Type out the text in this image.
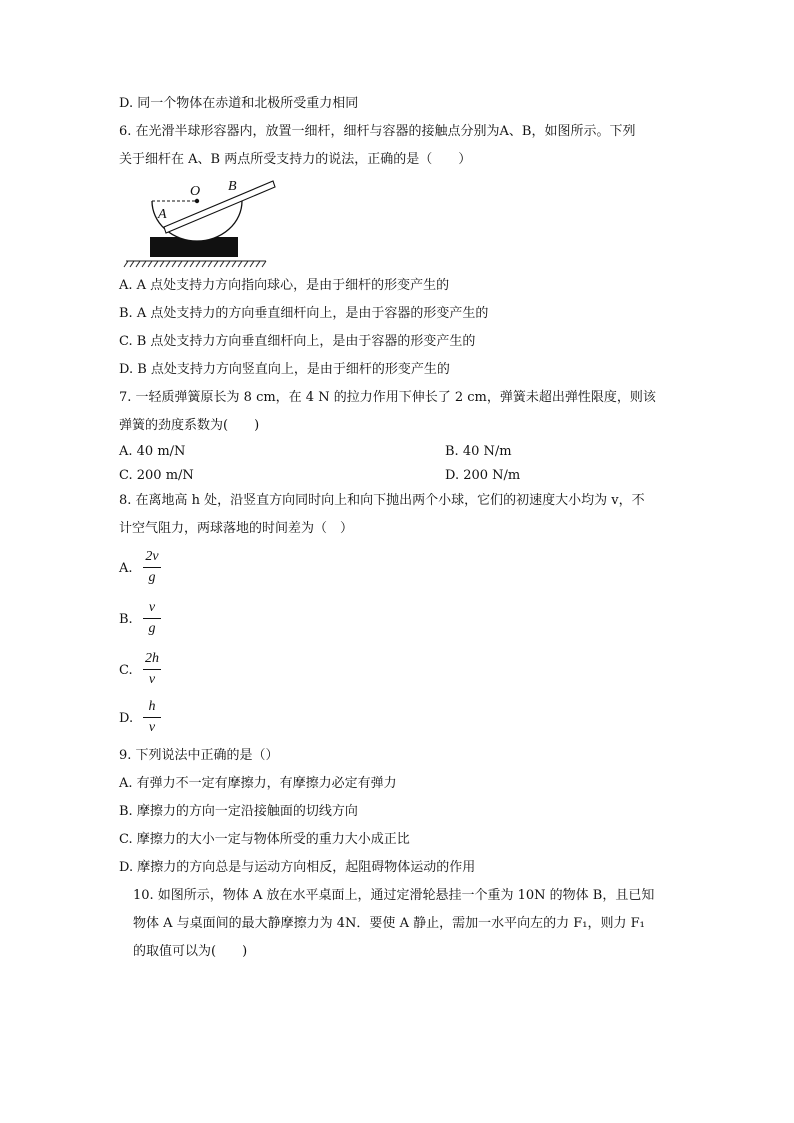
D. 同一个物体在赤道和北极所受重力相同
6. 在光滑半球形容器内，放置一细杆，细杆与容器的接触点分别为A、B，如图所示。下列
关于细杆在 A、B 两点所受支持力的说法，正确的是（　　）
O B
A
A. A 点处支持力方向指向球心，是由于细杆的形变产生的
B. A 点处支持力的方向垂直细杆向上，是由于容器的形变产生的
C. B 点处支持力方向垂直细杆向上，是由于容器的形变产生的
D. B 点处支持力方向竖直向上，是由于细杆的形变产生的
7. 一轻质弹簧原长为 8 cm，在 4 N 的拉力作用下伸长了 2 cm，弹簧未超出弹性限度，则该
弹簧的劲度系数为(　　)
A. 40 m/N	B. 40 N/m
C. 200 m/N	D. 200 N/m
8. 在离地高 h 处，沿竖直方向同时向上和向下抛出两个小球，它们的初速度大小均为 v，不
计空气阻力，两球落地的时间差为（　）
A. $\frac{2v}{g}$
B. $\frac{v}{g}$
C. $\frac{2h}{v}$
D. $\frac{h}{v}$
9. 下列说法中正确的是（）
A. 有弹力不一定有摩擦力，有摩擦力必定有弹力
B. 摩擦力的方向一定沿接触面的切线方向
C. 摩擦力的大小一定与物体所受的重力大小成正比
D. 摩擦力的方向总是与运动方向相反，起阻碍物体运动的作用
10. 如图所示，物体 A 放在水平桌面上，通过定滑轮悬挂一个重为 10N 的物体 B，且已知
物体 A 与桌面间的最大静摩擦力为 4N．要使 A 静止，需加一水平向左的力 F₁，则力 F₁
的取值可以为(　　)
